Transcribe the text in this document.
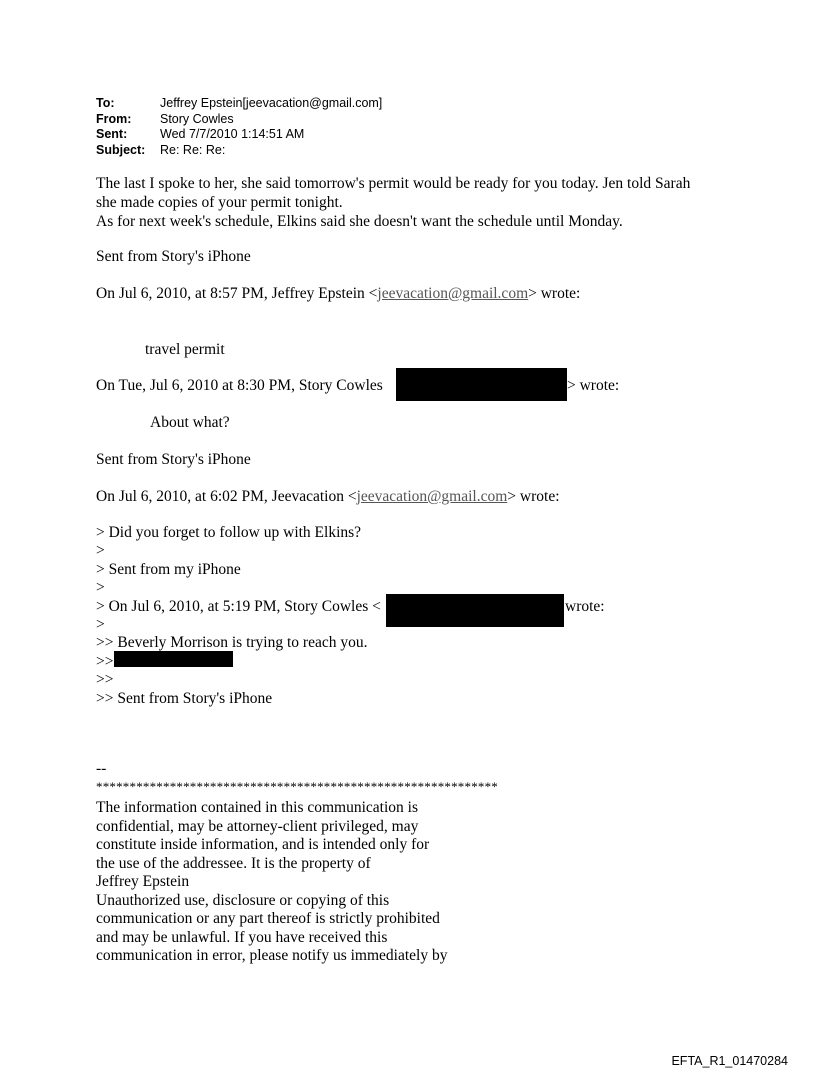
To:	Jeffrey Epstein[jeevacation@gmail.com]
From:	Story Cowles
Sent:	Wed 7/7/2010 1:14:51 AM
Subject:	Re: Re: Re:
The last I spoke to her, she said tomorrow's permit would be ready for you today. Jen told Sarah
she made copies of your permit tonight.
As for next week's schedule, Elkins said she doesn't want the schedule until Monday.
Sent from Story's iPhone
On Jul 6, 2010, at 8:57 PM, Jeffrey Epstein <jeevacation@gmail.com> wrote:
travel permit
On Tue, Jul 6, 2010 at 8:30 PM, Story Cowles	> wrote:
About what?
Sent from Story's iPhone
On Jul 6, 2010, at 6:02 PM, Jeevacation <jeevacation@gmail.com> wrote:
> Did you forget to follow up with Elkins?
>
> Sent from my iPhone
>
> On Jul 6, 2010, at 5:19 PM, Story Cowles <
>
>> Beverly Morrison is trying to reach you.
>>
>>
>> Sent from Story's iPhone
wrote:
--
************************************************************
The information contained in this communication is
confidential, may be attorney-client privileged, may
constitute inside information, and is intended only for
the use of the addressee. It is the property of
Jeffrey Epstein
Unauthorized use, disclosure or copying of this
communication or any part thereof is strictly prohibited
and may be unlawful. If you have received this
communication in error, please notify us immediately by
EFTA_R1_01470284
